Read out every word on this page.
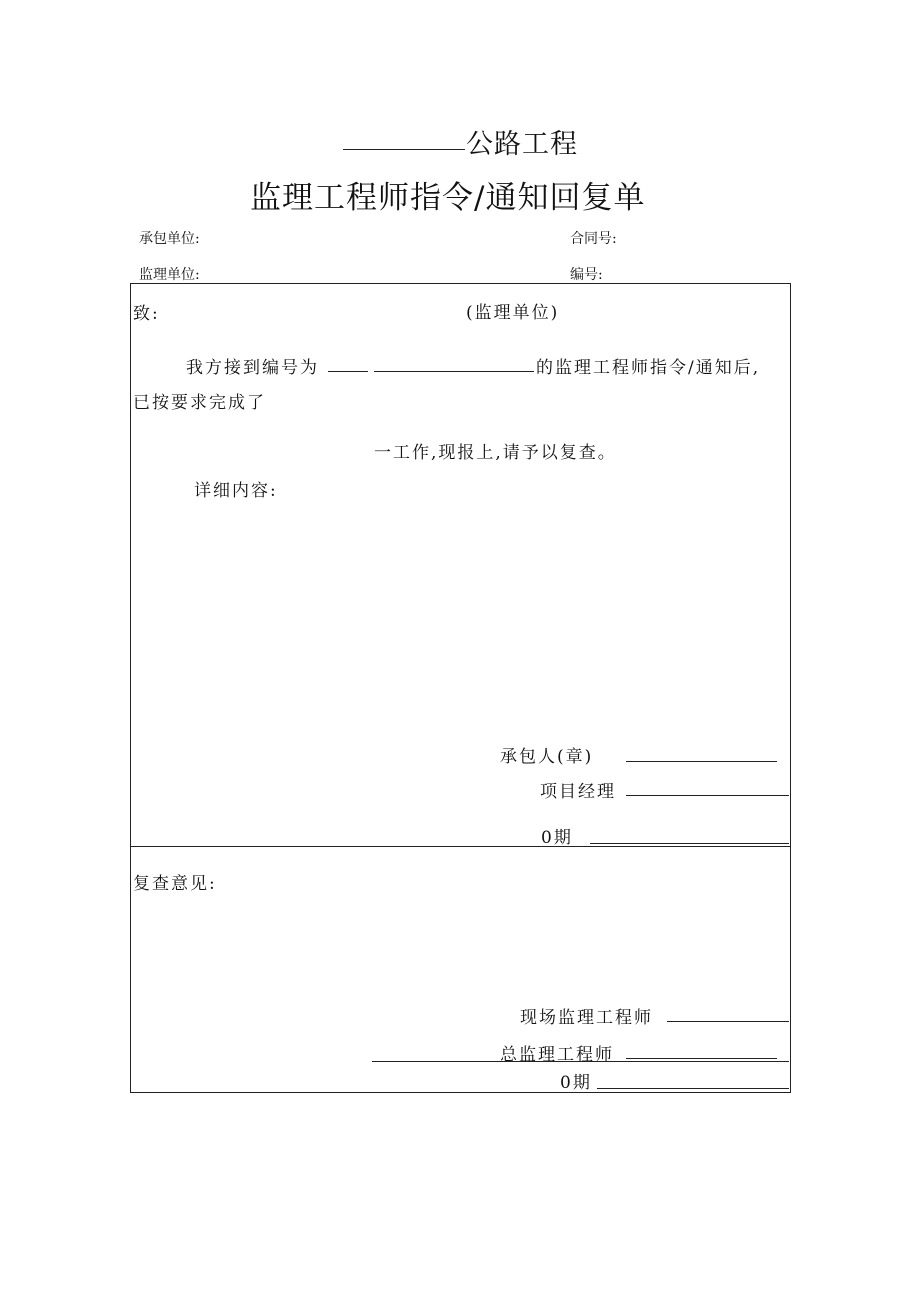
公路工程
监理工程师指令/通知回复单
承包单位:	合同号:
监理单位:	编号:
致:	(监理单位)
我方接到编号为	的监理工程师指令/通知后,
已按要求完成了
一工作,现报上,请予以复查。
详细内容:
承包人(章)
项目经理
0期
复查意见:
现场监理工程师
总监理工程师
0期
